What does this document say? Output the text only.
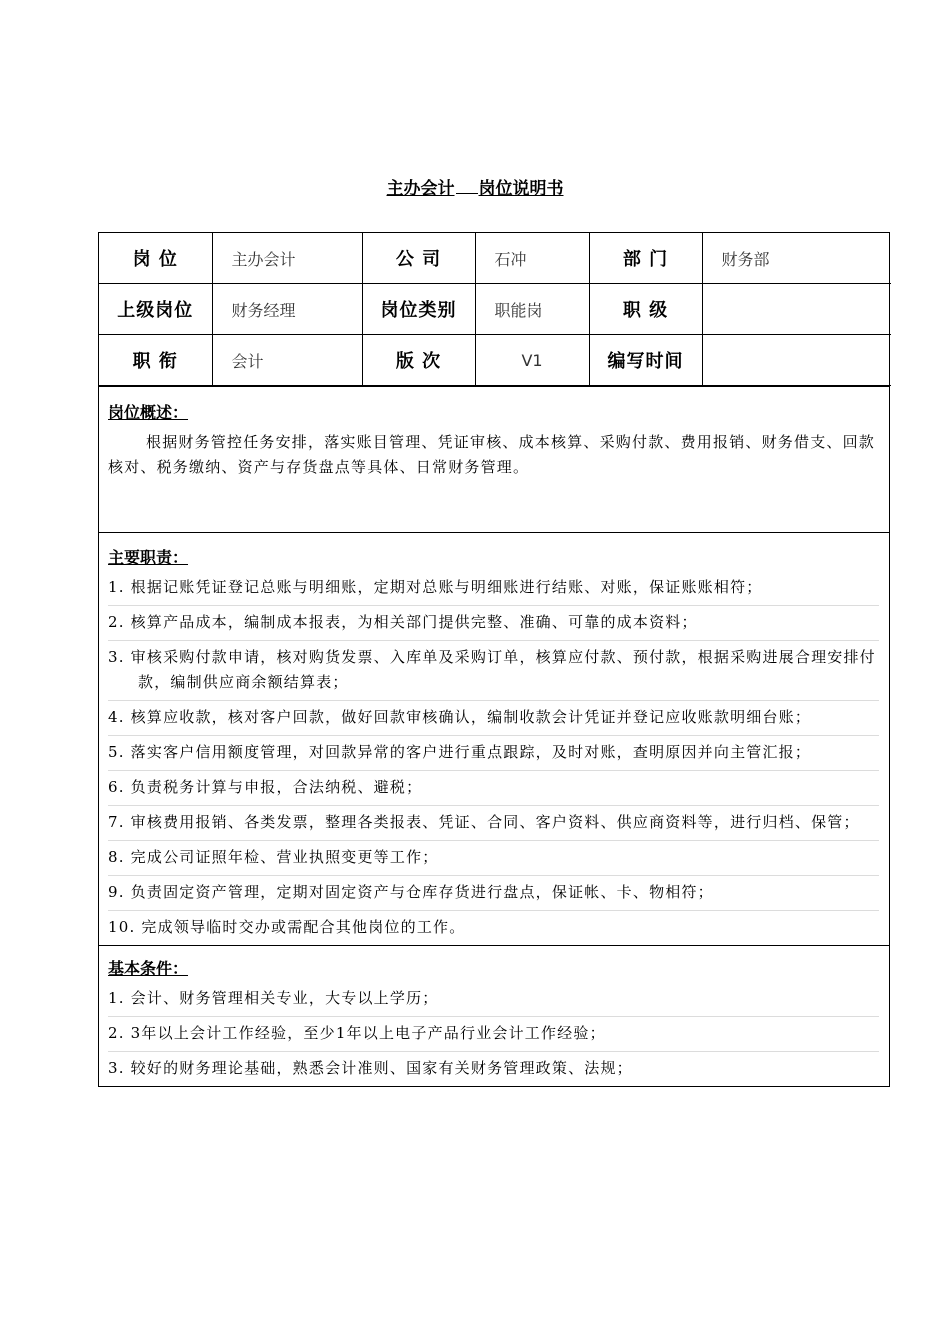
主办会计 岗位说明书
岗 位	主办会计	公 司	石冲	部 门	财务部
上级岗位	财务经理	岗位类别	职能岗	职 级	
职 衔	会计	版 次	V1	编写时间	
岗位概述：
根据财务管控任务安排，落实账目管理、凭证审核、成本核算、采购付款、费用报销、财务借支、回款核对、税务缴纳、资产与存货盘点等具体、日常财务管理。
主要职责：
1. 根据记账凭证登记总账与明细账，定期对总账与明细账进行结账、对账，保证账账相符；
2. 核算产品成本，编制成本报表，为相关部门提供完整、准确、可靠的成本资料；
3. 审核采购付款申请，核对购货发票、入库单及采购订单，核算应付款、预付款，根据采购进展合理安排付款，编制供应商余额结算表；
4. 核算应收款，核对客户回款，做好回款审核确认，编制收款会计凭证并登记应收账款明细台账；
5. 落实客户信用额度管理，对回款异常的客户进行重点跟踪，及时对账，查明原因并向主管汇报；
6. 负责税务计算与申报，合法纳税、避税；
7. 审核费用报销、各类发票，整理各类报表、凭证、合同、客户资料、供应商资料等，进行归档、保管；
8. 完成公司证照年检、营业执照变更等工作；
9. 负责固定资产管理，定期对固定资产与仓库存货进行盘点，保证帐、卡、物相符；
10. 完成领导临时交办或需配合其他岗位的工作。
基本条件：
1. 会计、财务管理相关专业，大专以上学历；
2. 3年以上会计工作经验，至少1年以上电子产品行业会计工作经验；
3. 较好的财务理论基础，熟悉会计准则、国家有关财务管理政策、法规；
